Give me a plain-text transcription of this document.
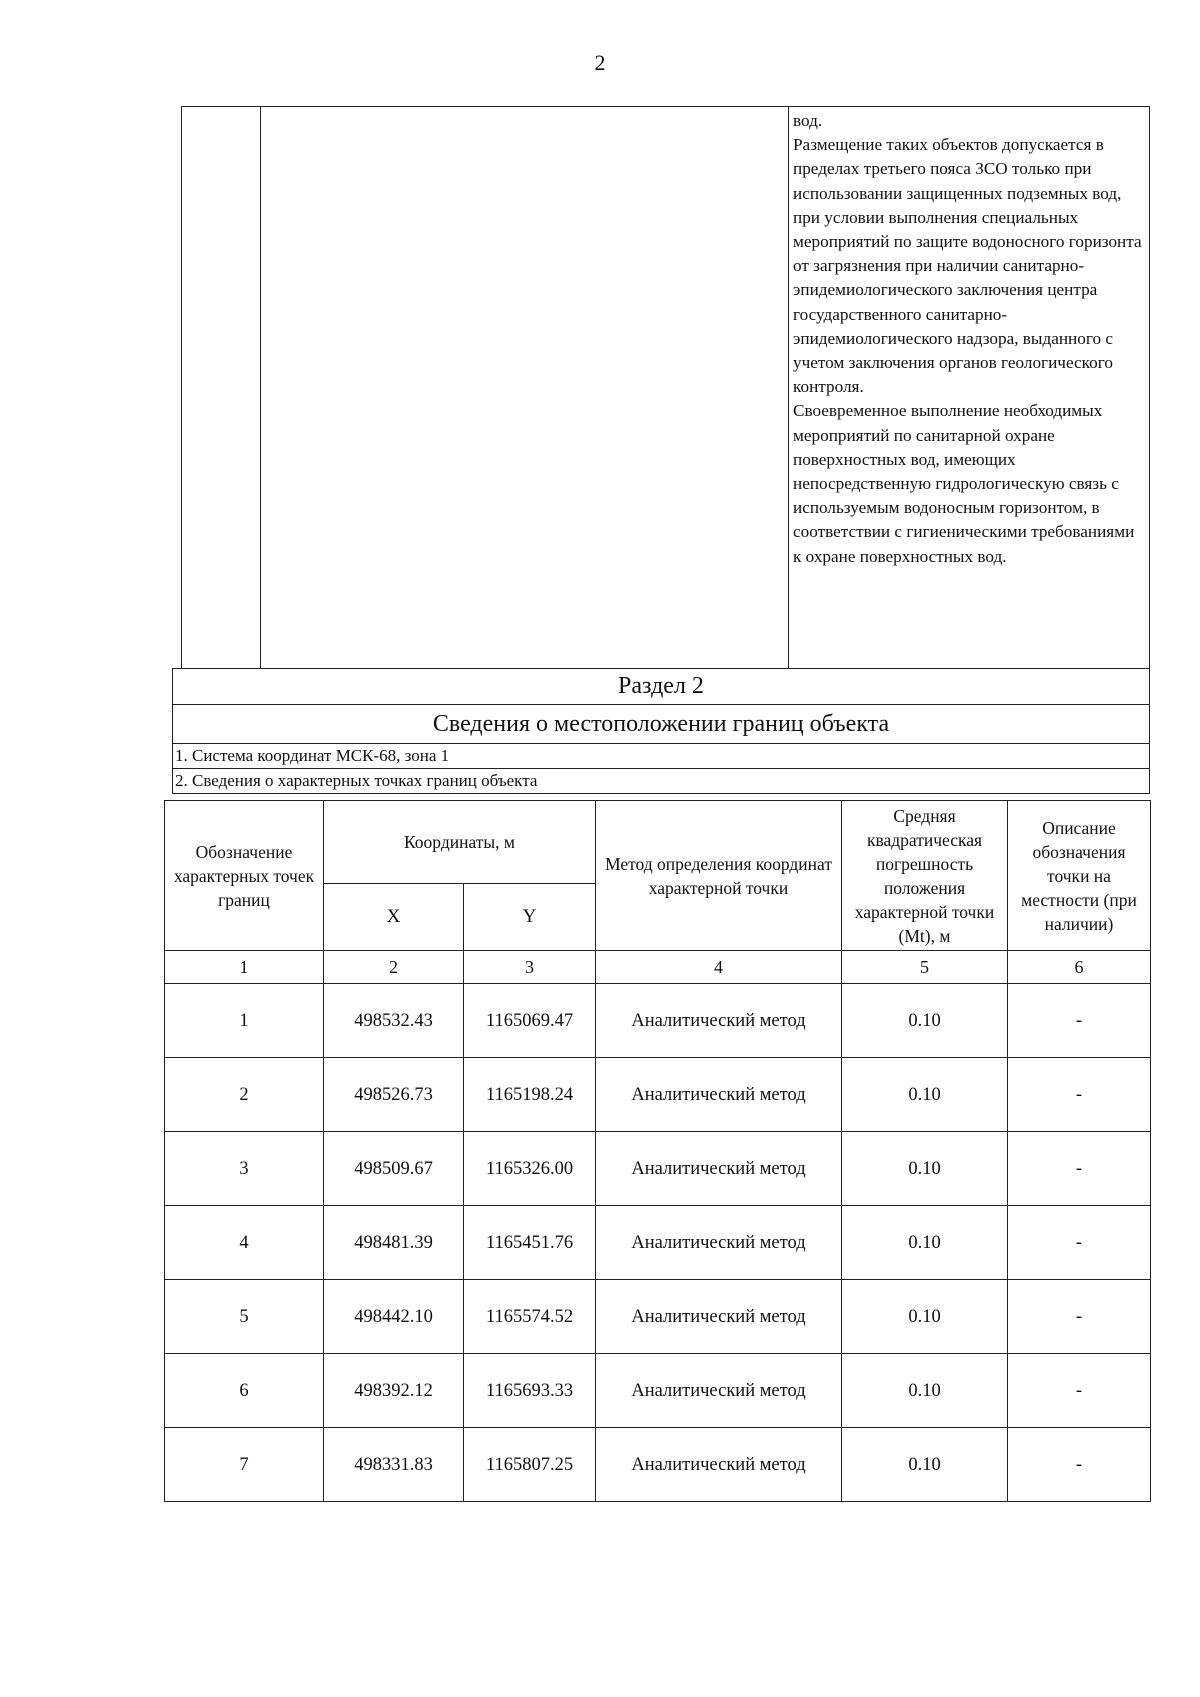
2

вод.

Размещение таких объектов допускается в пределах третьего пояса ЗСО только при использовании защищенных подземных вод, при условии выполнения специальных мероприятий по защите водоносного горизонта от загрязнения при наличии санитарно-эпидемиологического заключения центра государственного санитарно-эпидемиологического надзора, выданного с учетом заключения органов геологического контроля.

Своевременное выполнение необходимых мероприятий по санитарной охране поверхностных вод, имеющих непосредственную гидрологическую связь с используемым водоносным горизонтом, в соответствии с гигиеническими требованиями к охране поверхностных вод.

Раздел 2
Сведения о местоположении границ объекта
1. Система координат МСК-68, зона 1
2. Сведения о характерных точках границ объекта
Обозначение характерных точек границ	Координаты, м		Метод определения координат характерной точки	Средняя квадратическая погрешность положения характерной точки (Mt), м	Описание обозначения точки на местности (при наличии)
	X	Y			
1	2	3	4	5	6
1	498532.43	1165069.47	Аналитический метод	0.10	-
2	498526.73	1165198.24	Аналитический метод	0.10	-
3	498509.67	1165326.00	Аналитический метод	0.10	-
4	498481.39	1165451.76	Аналитический метод	0.10	-
5	498442.10	1165574.52	Аналитический метод	0.10	-
6	498392.12	1165693.33	Аналитический метод	0.10	-
7	498331.83	1165807.25	Аналитический метод	0.10	-
